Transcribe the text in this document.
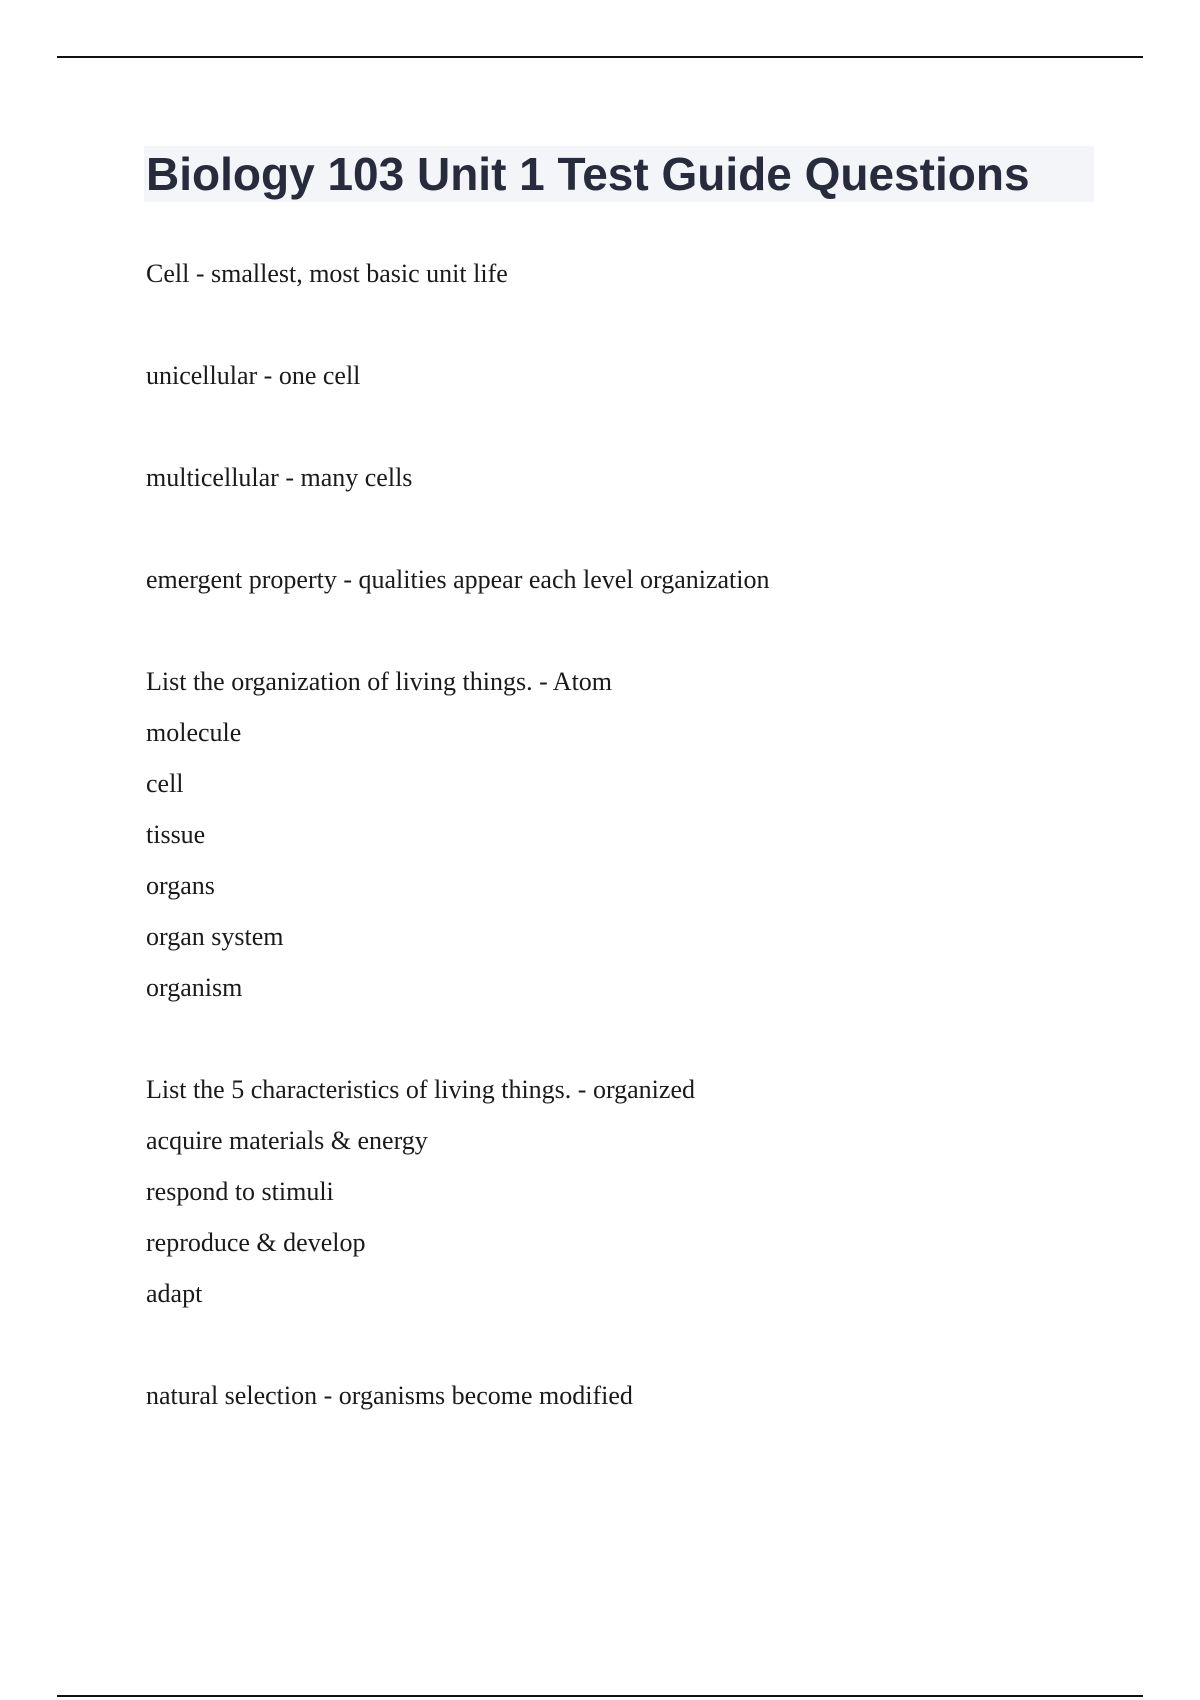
Biology 103 Unit 1 Test Guide Questions
Cell - smallest, most basic unit life
unicellular - one cell
multicellular - many cells
emergent property - qualities appear each level organization
List the organization of living things. - Atom
molecule
cell
tissue
organs
organ system
organism
List the 5 characteristics of living things. - organized
acquire materials & energy
respond to stimuli
reproduce & develop
adapt
natural selection - organisms become modified
